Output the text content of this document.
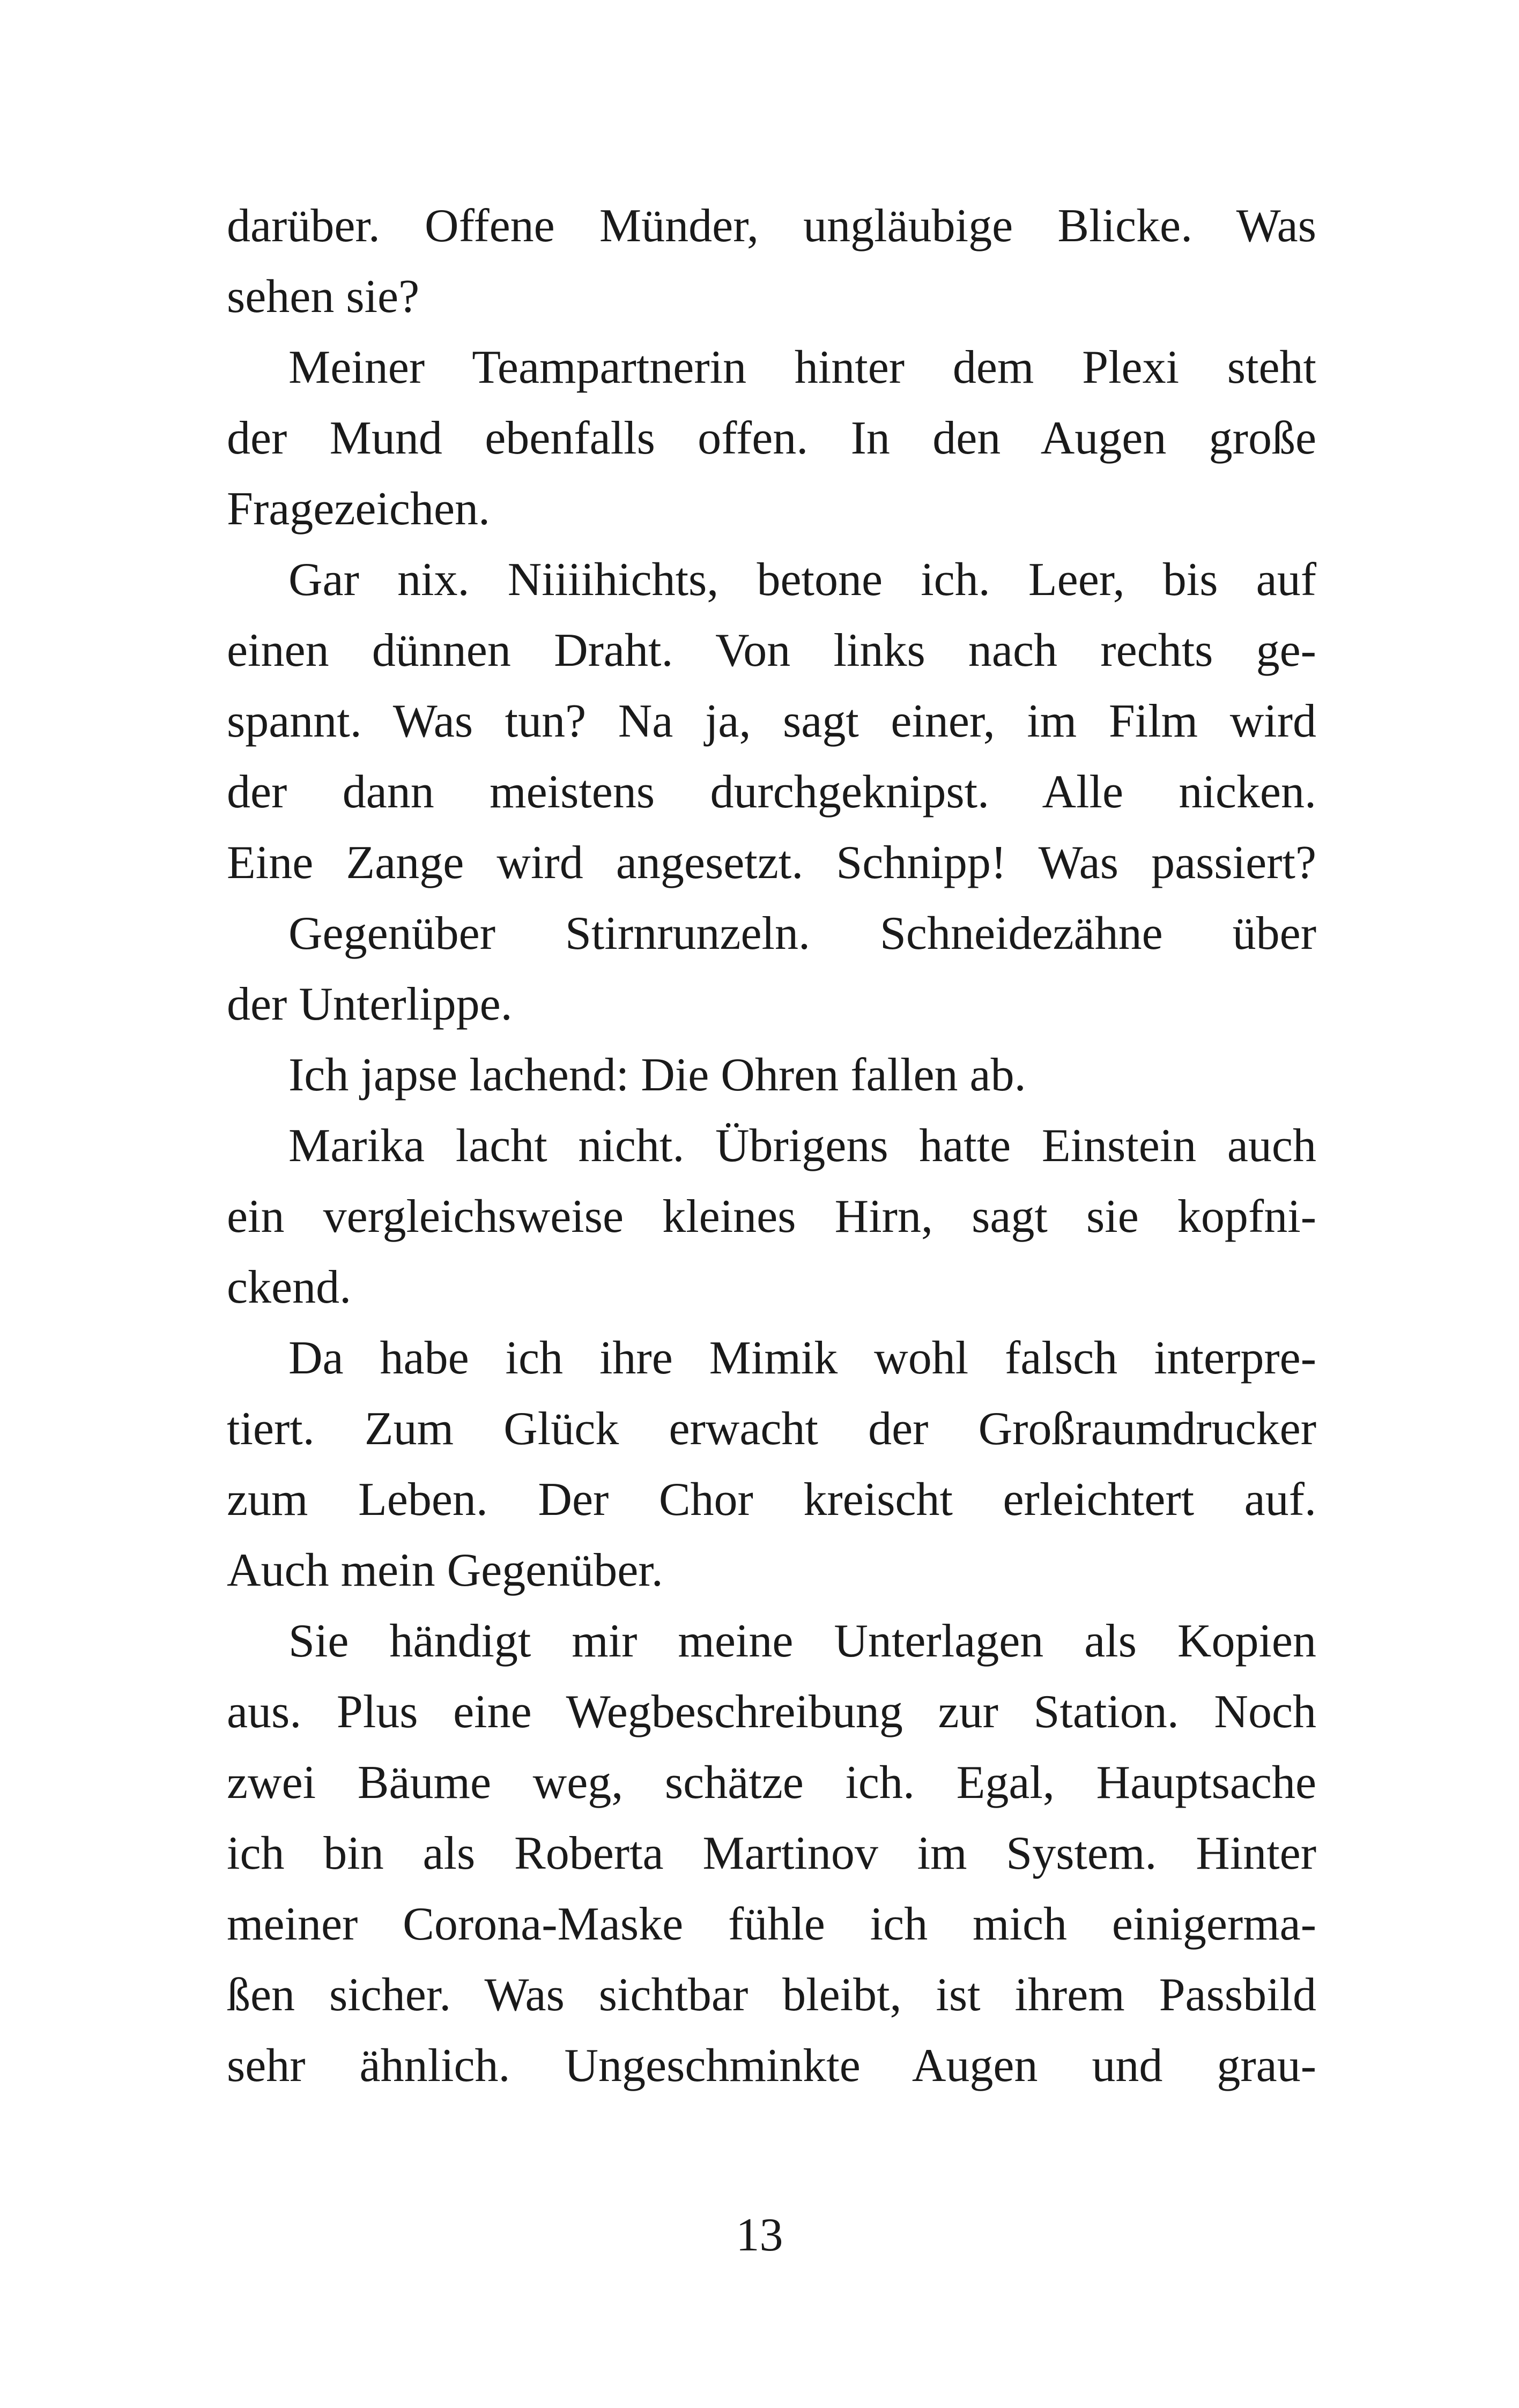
darüber. Offene Münder, ungläubige Blicke. Was
sehen sie?
Meiner Teampartnerin hinter dem Plexi steht
der Mund ebenfalls offen. In den Augen große
Fragezeichen.
Gar nix. Niiiihichts, betone ich. Leer, bis auf
einen dünnen Draht. Von links nach rechts ge-
spannt. Was tun? Na ja, sagt einer, im Film wird
der dann meistens durchgeknipst. Alle nicken.
Eine Zange wird angesetzt. Schnipp! Was passiert?
Gegenüber Stirnrunzeln. Schneidezähne über
der Unterlippe.
Ich japse lachend: Die Ohren fallen ab.
Marika lacht nicht. Übrigens hatte Einstein auch
ein vergleichsweise kleines Hirn, sagt sie kopfni-
ckend.
Da habe ich ihre Mimik wohl falsch interpre-
tiert. Zum Glück erwacht der Großraumdrucker
zum Leben. Der Chor kreischt erleichtert auf.
Auch mein Gegenüber.
Sie händigt mir meine Unterlagen als Kopien
aus. Plus eine Wegbeschreibung zur Station. Noch
zwei Bäume weg, schätze ich. Egal, Hauptsache
ich bin als Roberta Martinov im System. Hinter
meiner Corona-Maske fühle ich mich einigerma-
ßen sicher. Was sichtbar bleibt, ist ihrem Passbild
sehr ähnlich. Ungeschminkte Augen und grau-
13
